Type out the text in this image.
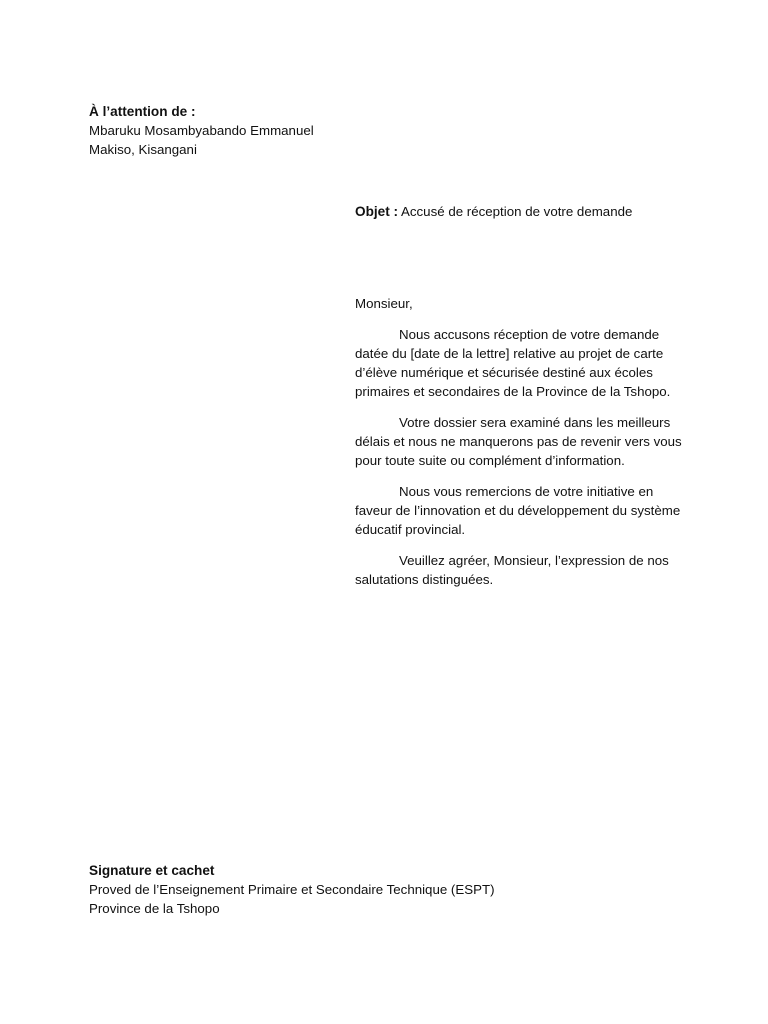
À l’attention de :
Mbaruku Mosambyabando Emmanuel
Makiso, Kisangani
Objet : Accusé de réception de votre demande

Monsieur,

Nous accusons réception de votre demande datée du [date de la lettre] relative au projet de carte d’élève numérique et sécurisée destiné aux écoles primaires et secondaires de la Province de la Tshopo.

Votre dossier sera examiné dans les meilleurs délais et nous ne manquerons pas de revenir vers vous pour toute suite ou complément d’information.

Nous vous remercions de votre initiative en faveur de l’innovation et du développement du système éducatif provincial.

Veuillez agréer, Monsieur, l’expression de nos salutations distinguées.

Signature et cachet
Proved de l’Enseignement Primaire et Secondaire Technique (ESPT)
Province de la Tshopo
